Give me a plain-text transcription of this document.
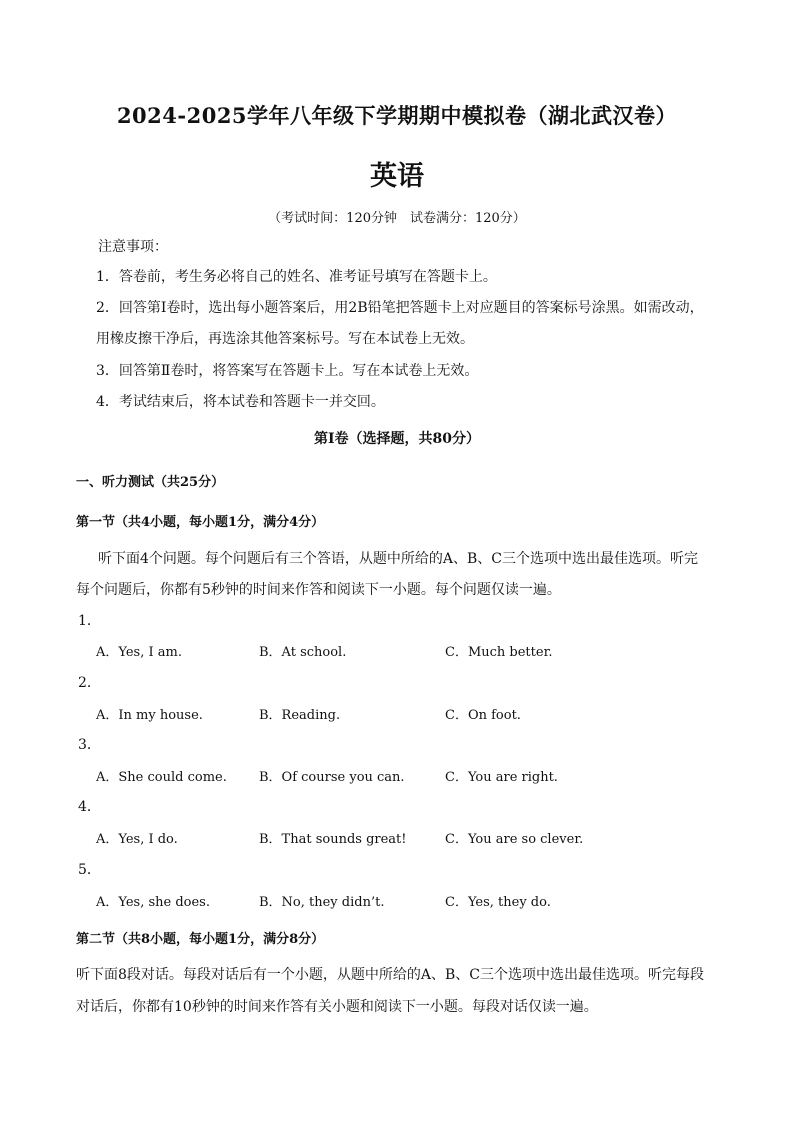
2024-2025学年八年级下学期期中模拟卷（湖北武汉卷）
英语
（考试时间：120分钟　试卷满分：120分）
注意事项：
1．答卷前，考生务必将自己的姓名、准考证号填写在答题卡上。
2．回答第Ⅰ卷时，选出每小题答案后，用2B铅笔把答题卡上对应题目的答案标号涂黑。如需改动，
用橡皮擦干净后，再选涂其他答案标号。写在本试卷上无效。
3．回答第Ⅱ卷时，将答案写在答题卡上。写在本试卷上无效。
4．考试结束后，将本试卷和答题卡一并交回。
第Ⅰ卷（选择题，共80分）
一、听力测试（共25分）
第一节（共4小题，每小题1分，满分4分）
听下面4个问题。每个问题后有三个答语，从题中所给的A、B、C三个选项中选出最佳选项。听完
每个问题后，你都有5秒钟的时间来作答和阅读下一小题。每个问题仅读一遍。
1．
A．Yes, I am.	B．At school.	C．Much better.
2．
A．In my house.	B．Reading.	C．On foot.
3．
A．She could come. B．Of course you can.	C．You are right.
4．
A．Yes, I do.	B．That sounds great!	C．You are so clever.
5．
A．Yes, she does.	B．No, they didn’t.	C．Yes, they do.
第二节（共8小题，每小题1分，满分8分）
听下面8段对话。每段对话后有一个小题，从题中所给的A、B、C三个选项中选出最佳选项。听完每段
对话后，你都有10秒钟的时间来作答有关小题和阅读下一小题。每段对话仅读一遍。
